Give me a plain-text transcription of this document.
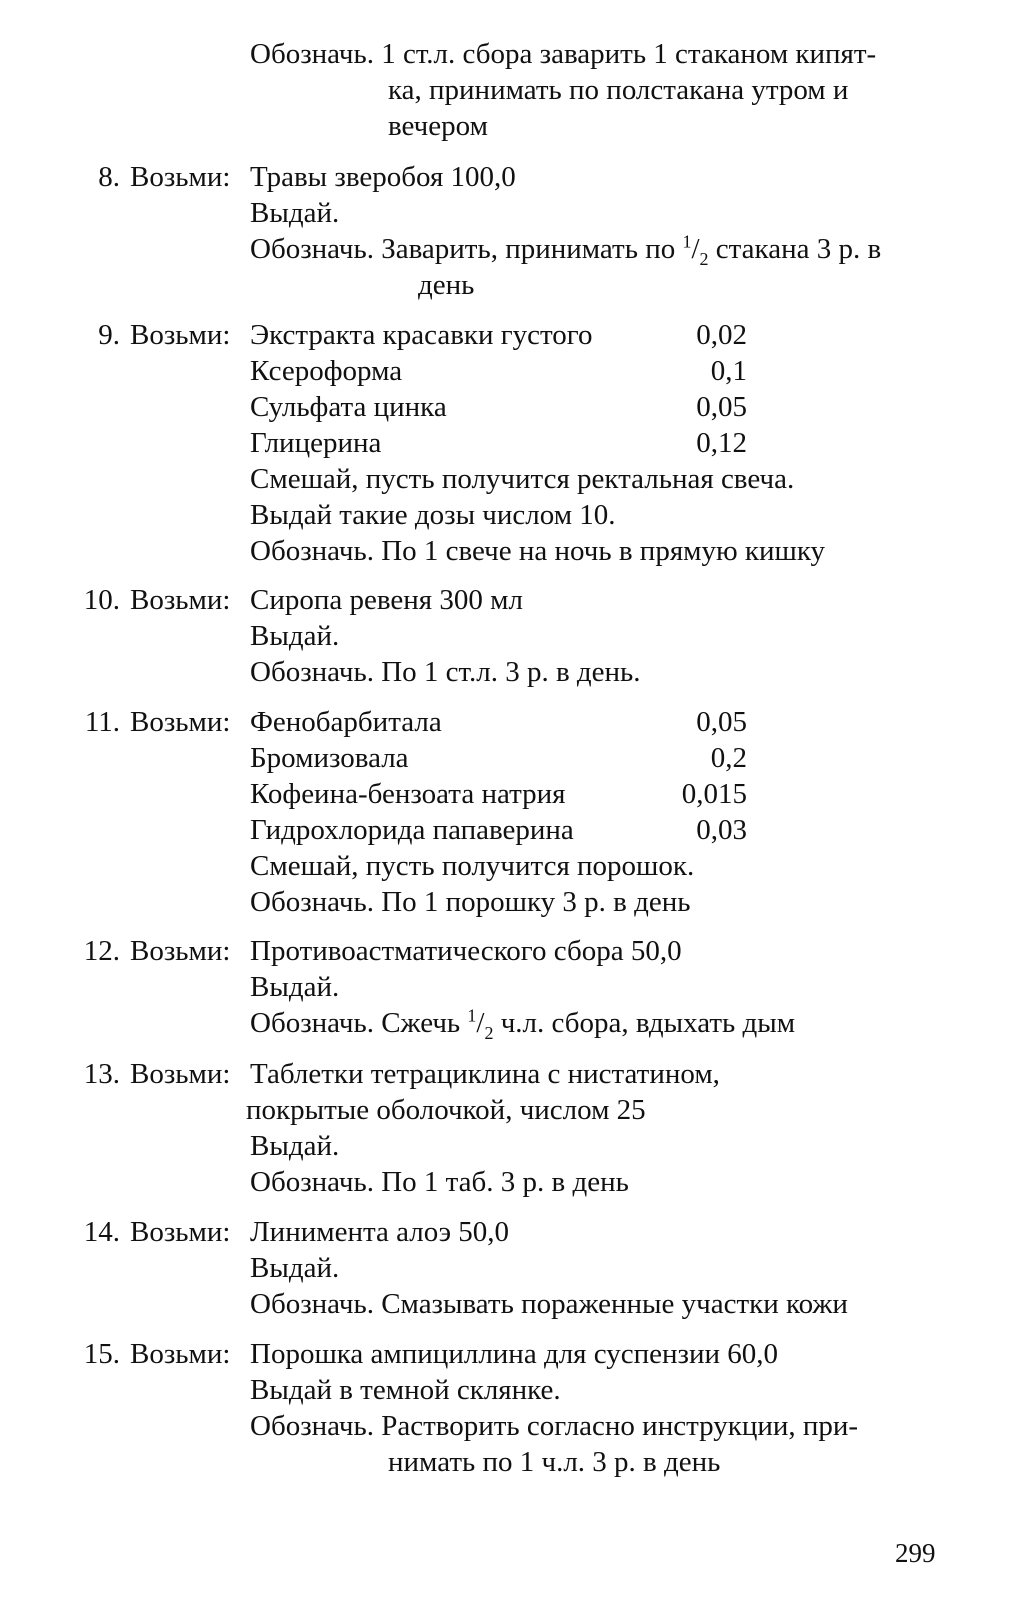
Обозначь. 1 ст.л. сбора заварить 1 стаканом кипят-
ка, принимать по полстакана утром и
вечером
8. Возьми: Травы зверобоя 100,0
Выдай.
Обозначь. Заварить, принимать по $^1/_2$ стакана 3 р. в
день
9. Возьми: Экстракта красавки густого	0,02
Ксероформа	0,1
Сульфата цинка	0,05
Глицерина	0,12
Смешай, пусть получится ректальная свеча.
Выдай такие дозы числом 10.
Обозначь. По 1 свече на ночь в прямую кишку
10. Возьми: Сиропа ревеня 300 мл
Выдай.
Обозначь. По 1 ст.л. 3 р. в день.
11. Возьми: Фенобарбитала	0,05
Бромизовала	0,2
Кофеина-бензоата натрия	0,015
Гидрохлорида папаверина	0,03
Смешай, пусть получится порошок.
Обозначь. По 1 порошку 3 р. в день
12. Возьми: Противоастматического сбора 50,0
Выдай.
Обозначь. Сжечь $^1/_2$ ч.л. сбора, вдыхать дым
13. Возьми: Таблетки тетрациклина с нистатином,
покрытые оболочкой, числом 25
Выдай.
Обозначь. По 1 таб. 3 р. в день
14. Возьми: Линимента алоэ 50,0
Выдай.
Обозначь. Смазывать пораженные участки кожи
15. Возьми: Порошка ампициллина для суспензии 60,0
Выдай в темной склянке.
Обозначь. Растворить согласно инструкции, при-
нимать по 1 ч.л. 3 р. в день
299
